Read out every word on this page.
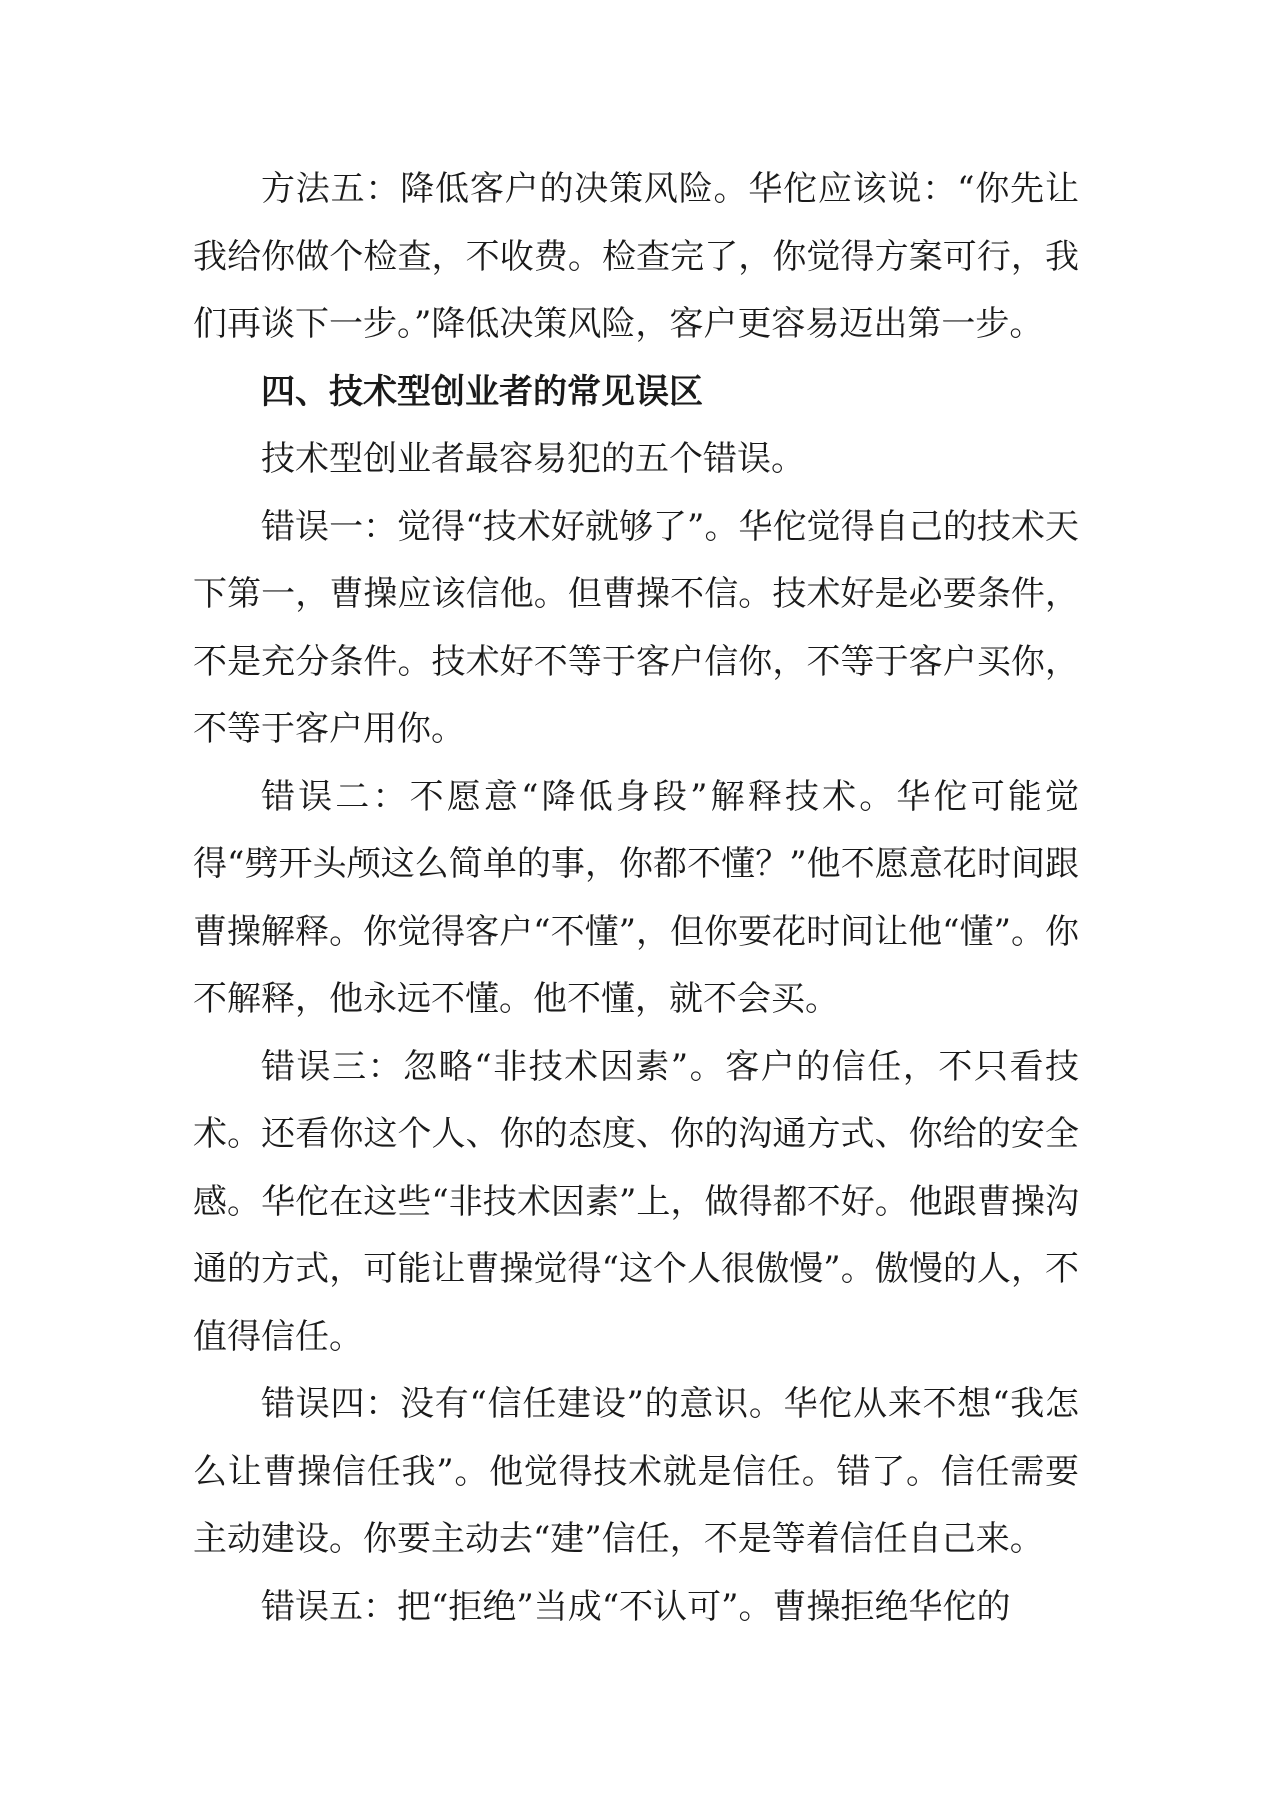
方法五：降低客户的决策风险。华佗应该说：“你先让我给你做个检查，不收费。检查完了，你觉得方案可行，我们再谈下一步。”降低决策风险，客户更容易迈出第一步。

四、技术型创业者的常见误区

技术型创业者最容易犯的五个错误。

错误一：觉得“技术好就够了”。华佗觉得自己的技术天下第一，曹操应该信他。但曹操不信。技术好是必要条件，不是充分条件。技术好不等于客户信你，不等于客户买你，不等于客户用你。

错误二：不愿意“降低身段”解释技术。华佗可能觉得“劈开头颅这么简单的事，你都不懂？”他不愿意花时间跟曹操解释。你觉得客户“不懂”，但你要花时间让他“懂”。你不解释，他永远不懂。他不懂，就不会买。

错误三：忽略“非技术因素”。客户的信任，不只看技术。还看你这个人、你的态度、你的沟通方式、你给的安全感。华佗在这些“非技术因素”上，做得都不好。他跟曹操沟通的方式，可能让曹操觉得“这个人很傲慢”。傲慢的人，不值得信任。

错误四：没有“信任建设”的意识。华佗从来不想“我怎么让曹操信任我”。他觉得技术就是信任。错了。信任需要主动建设。你要主动去“建”信任，不是等着信任自己来。

错误五：把“拒绝”当成“不认可”。曹操拒绝华佗的
